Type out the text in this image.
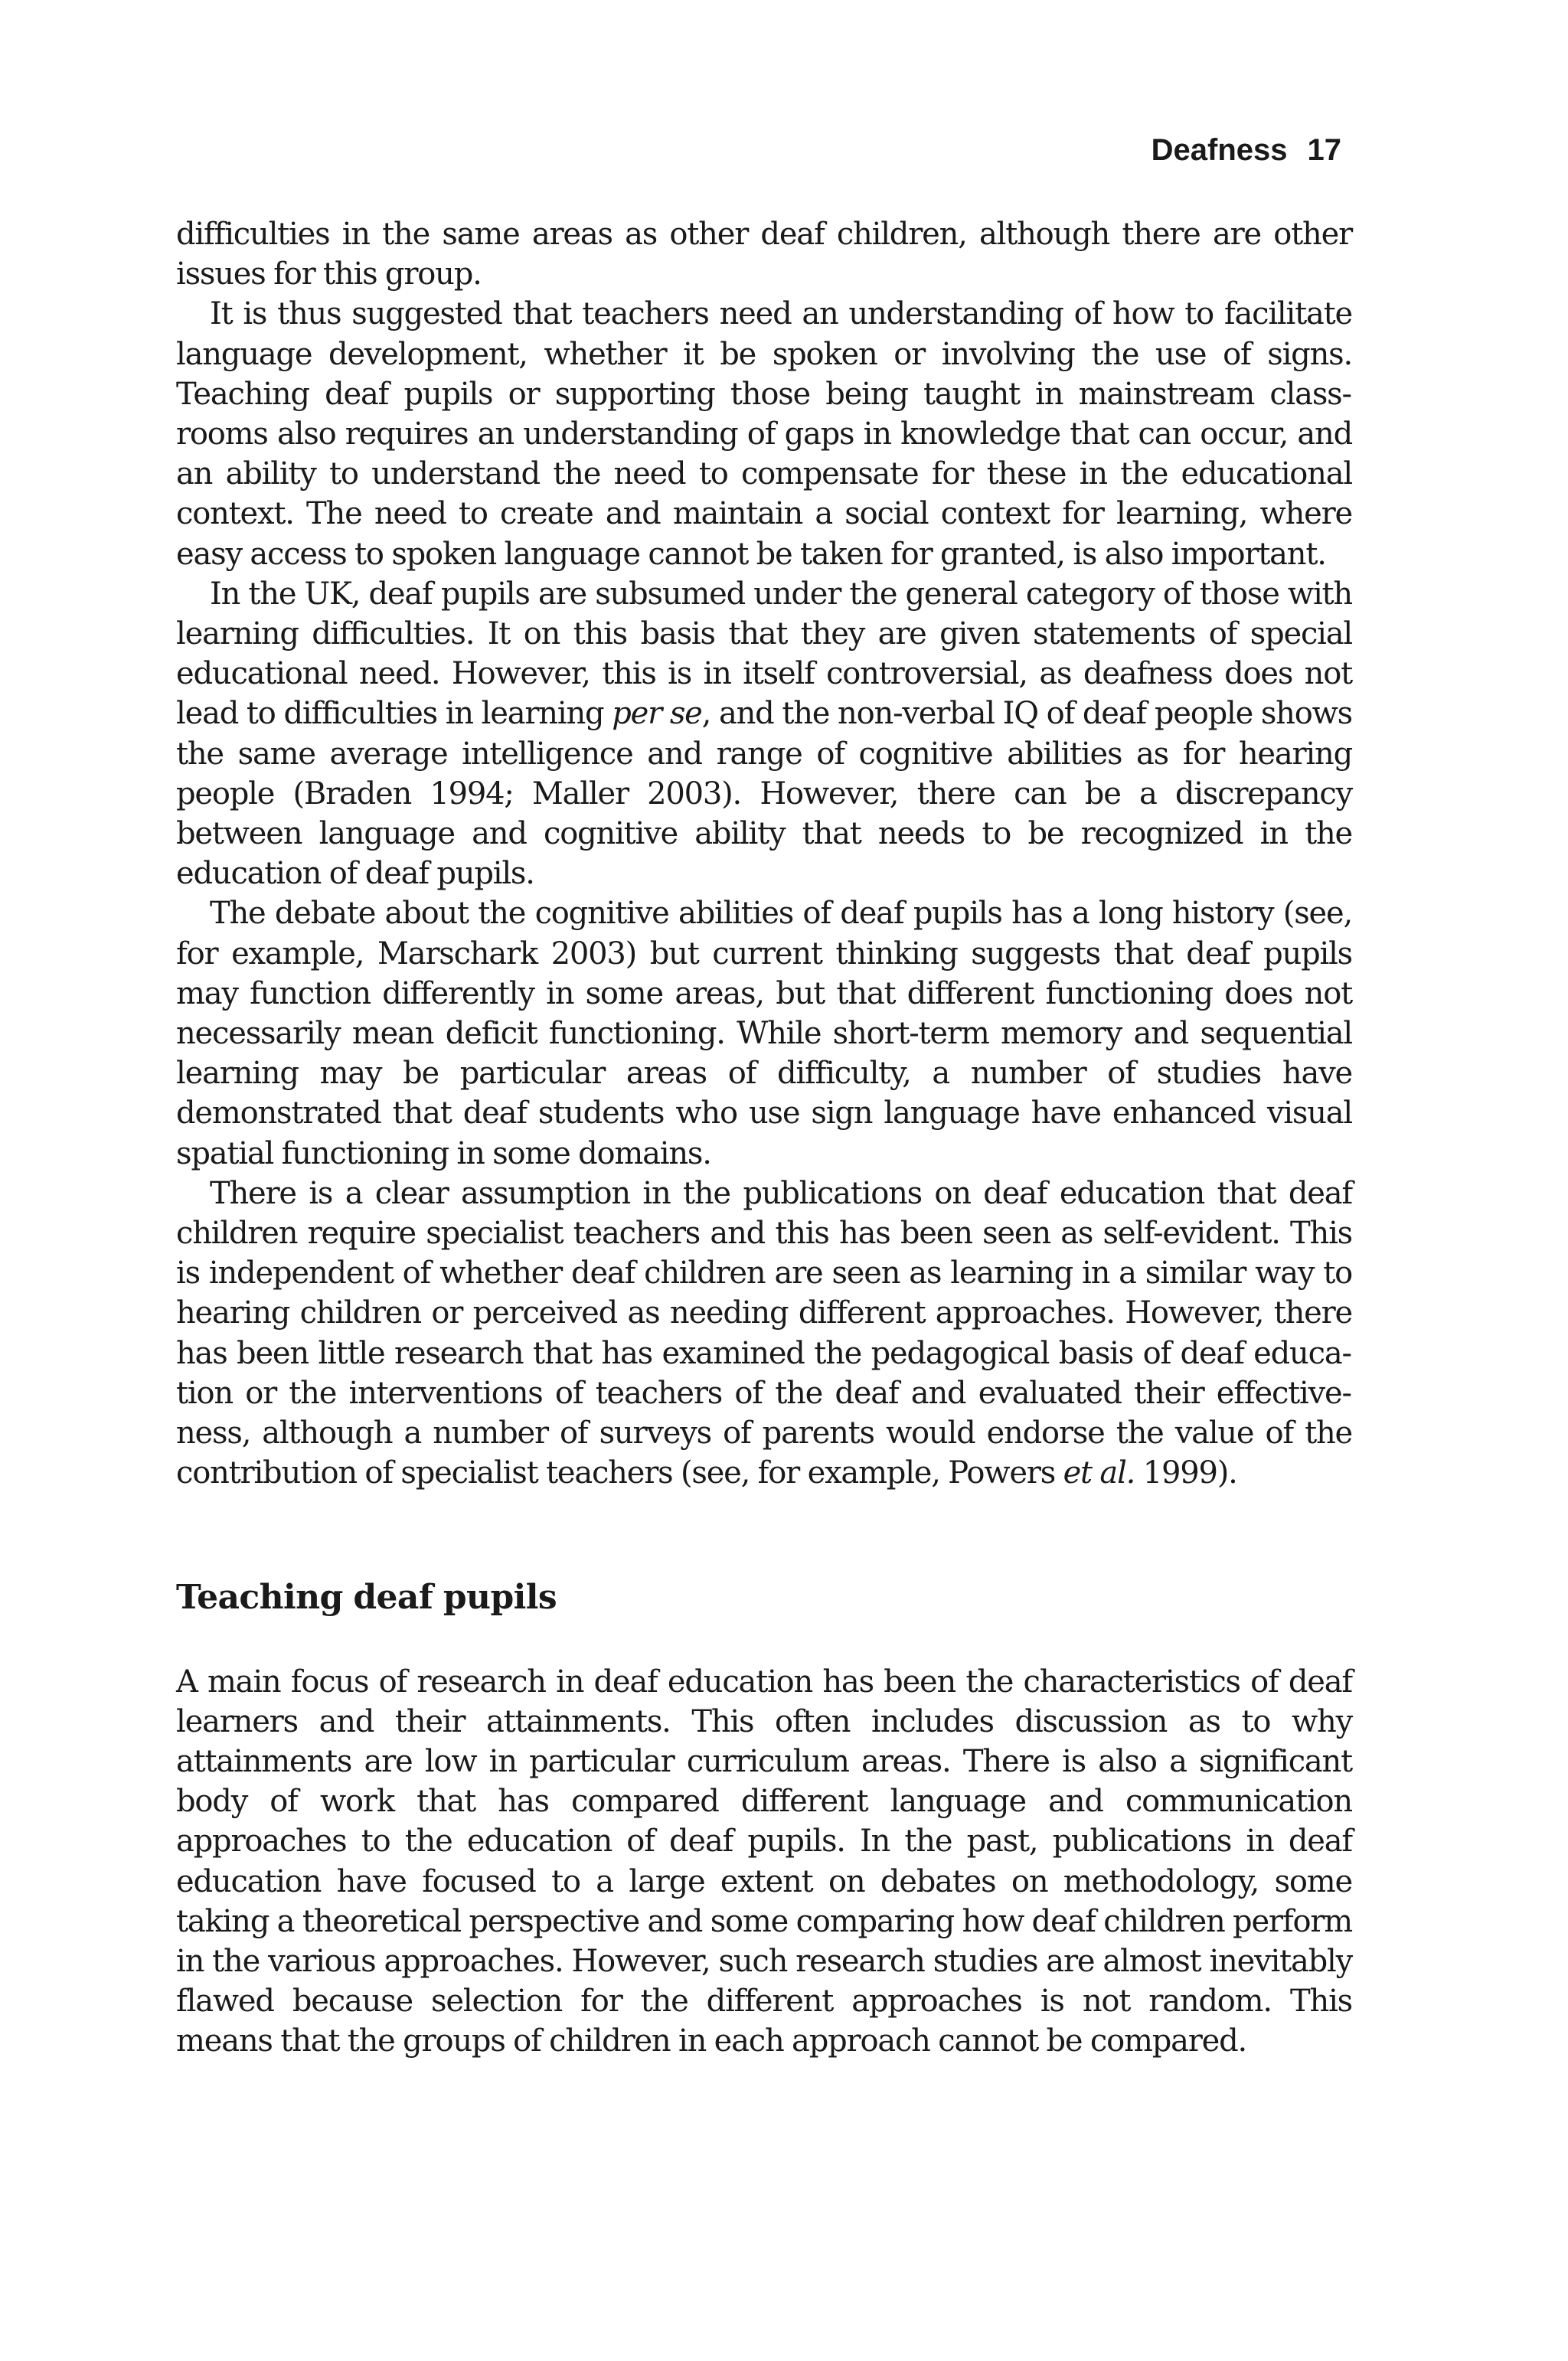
Deafness 17

difficulties in the same areas as other deaf children, although there are other issues for this group.

It is thus suggested that teachers need an understanding of how to facilitate language development, whether it be spoken or involving the use of signs. Teaching deaf pupils or supporting those being taught in mainstream classrooms also requires an understanding of gaps in knowledge that can occur, and an ability to understand the need to compensate for these in the educational context. The need to create and maintain a social context for learning, where easy access to spoken language cannot be taken for granted, is also important.

In the UK, deaf pupils are subsumed under the general category of those with learning difficulties. It on this basis that they are given statements of special educational need. However, this is in itself controversial, as deafness does not lead to difficulties in learning per se, and the non-verbal IQ of deaf people shows the same average intelligence and range of cognitive abilities as for hearing people (Braden 1994; Maller 2003). However, there can be a discrepancy between language and cognitive ability that needs to be recognized in the education of deaf pupils.

The debate about the cognitive abilities of deaf pupils has a long history (see, for example, Marschark 2003) but current thinking suggests that deaf pupils may function differently in some areas, but that different functioning does not necessarily mean deficit functioning. While short-term memory and sequential learning may be particular areas of difficulty, a number of studies have demonstrated that deaf students who use sign language have enhanced visual spatial functioning in some domains.

There is a clear assumption in the publications on deaf education that deaf children require specialist teachers and this has been seen as self-evident. This is independent of whether deaf children are seen as learning in a similar way to hearing children or perceived as needing different approaches. However, there has been little research that has examined the pedagogical basis of deaf education or the interventions of teachers of the deaf and evaluated their effectiveness, although a number of surveys of parents would endorse the value of the contribution of specialist teachers (see, for example, Powers et al. 1999).

Teaching deaf pupils

A main focus of research in deaf education has been the characteristics of deaf learners and their attainments. This often includes discussion as to why attainments are low in particular curriculum areas. There is also a significant body of work that has compared different language and communication approaches to the education of deaf pupils. In the past, publications in deaf education have focused to a large extent on debates on methodology, some taking a theoretical perspective and some comparing how deaf children perform in the various approaches. However, such research studies are almost inevitably flawed because selection for the different approaches is not random. This means that the groups of children in each approach cannot be compared.
